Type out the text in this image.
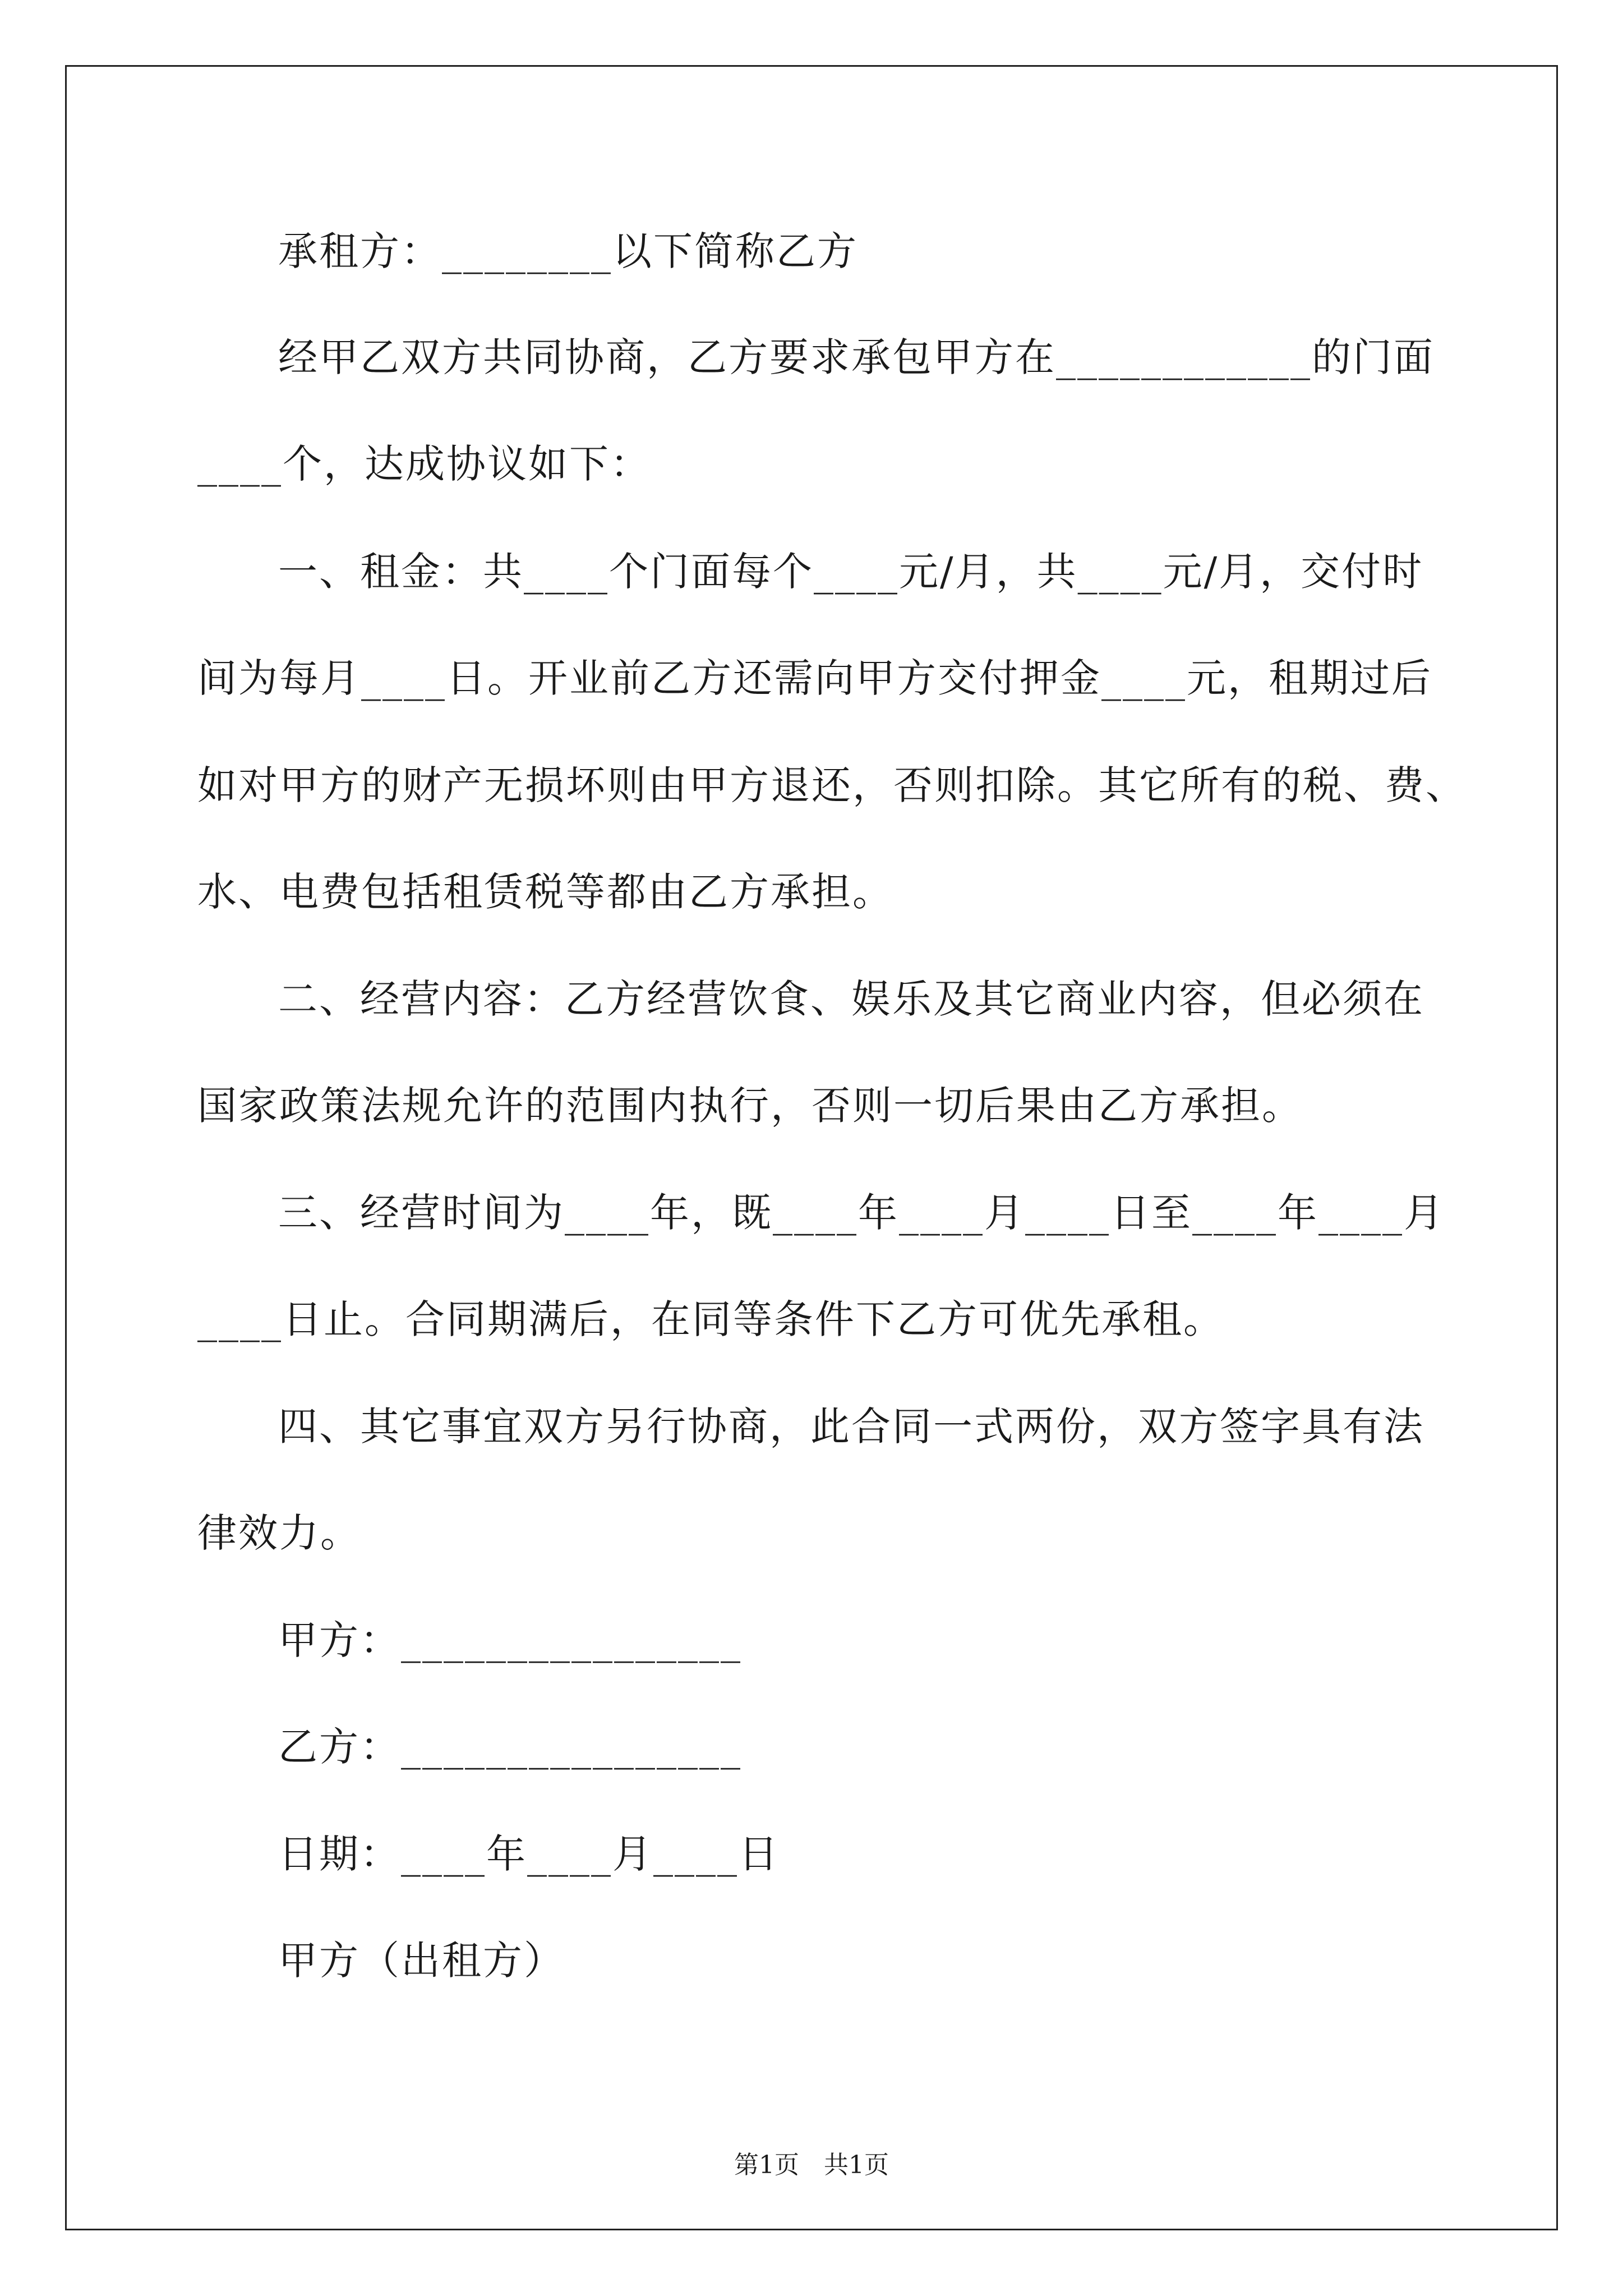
承租方：________以下简称乙方
经甲乙双方共同协商，乙方要求承包甲方在____________的门面
____个，达成协议如下：
一、租金：共____个门面每个____元/月，共____元/月，交付时
间为每月____日。开业前乙方还需向甲方交付押金____元，租期过后
如对甲方的财产无损坏则由甲方退还，否则扣除。其它所有的税、费、
水、电费包括租赁税等都由乙方承担。
二、经营内容：乙方经营饮食、娱乐及其它商业内容，但必须在
国家政策法规允许的范围内执行，否则一切后果由乙方承担。
三、经营时间为____年，既____年____月____日至____年____月
____日止。合同期满后，在同等条件下乙方可优先承租。
四、其它事宜双方另行协商，此合同一式两份，双方签字具有法
律效力。
甲方：________________
乙方：________________
日期：____年____月____日
甲方（出租方）
第1页　共1页
